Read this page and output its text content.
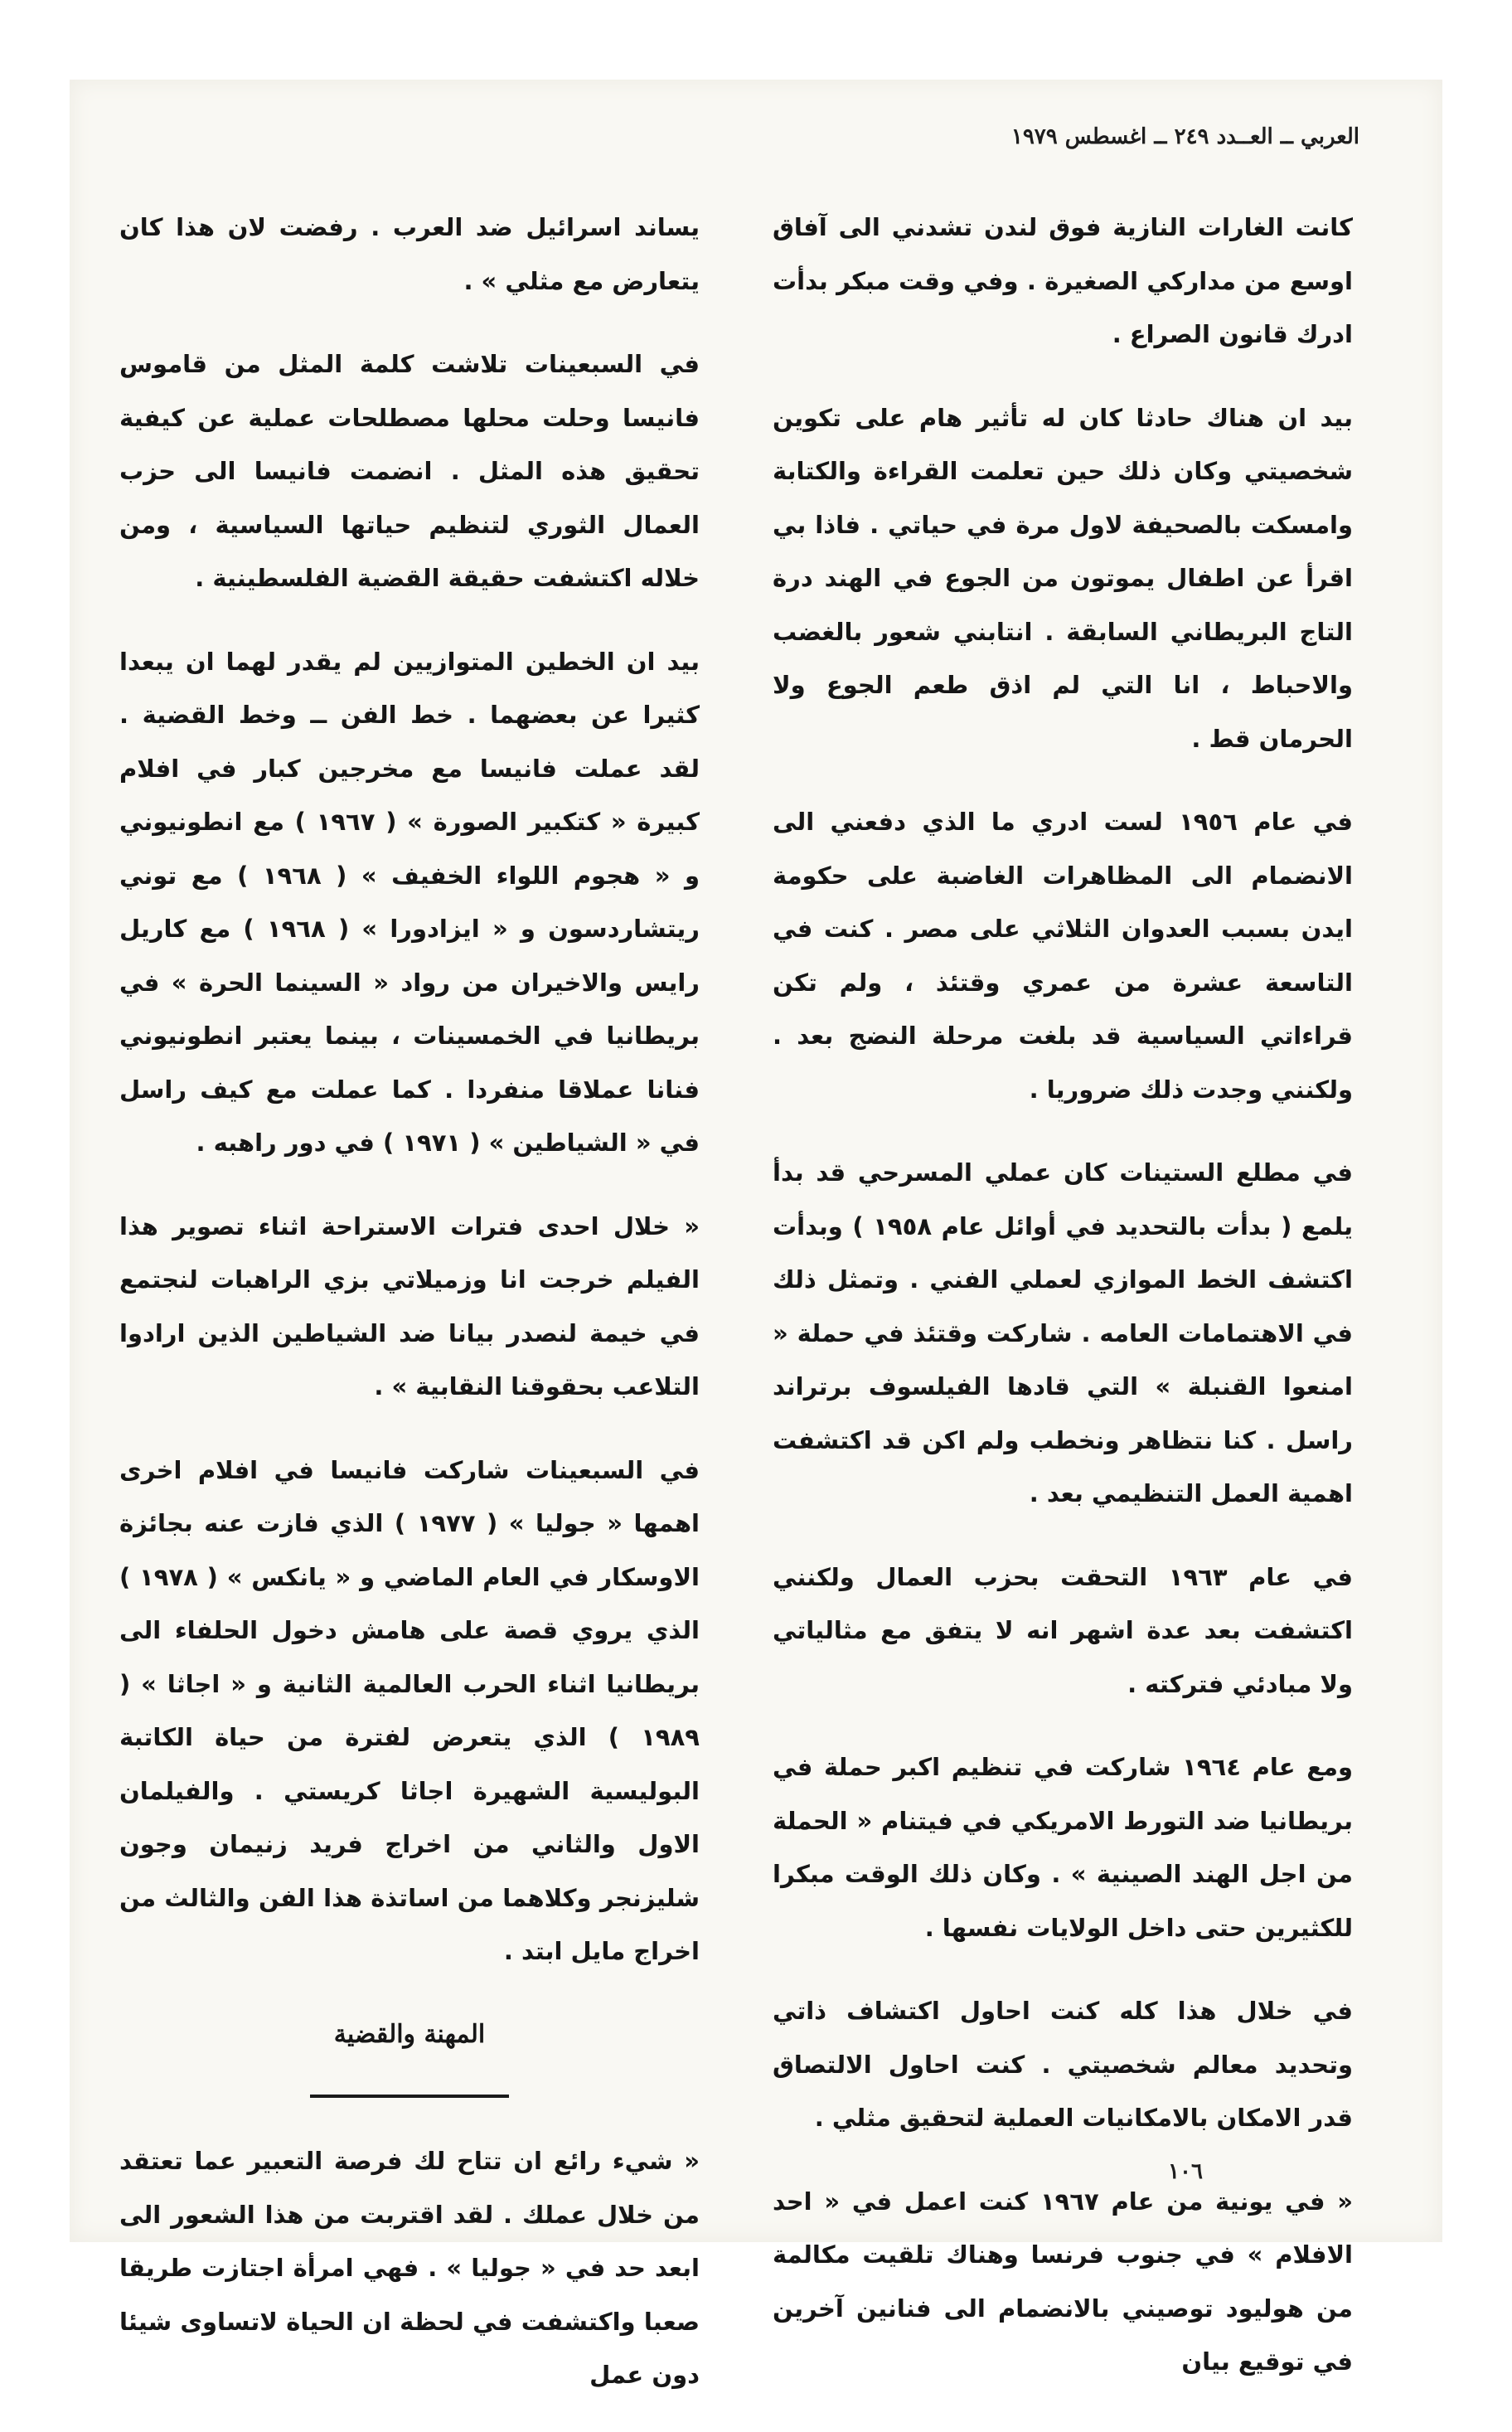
العربي ــ العــدد ٢٤٩ ــ اغسطس ١٩٧٩

كانت الغارات النازية فوق لندن تشدني الى آفاق اوسع من مداركي الصغيرة . وفي وقت مبكر بدأت ادرك قانون الصراع .

بيد ان هناك حادثا كان له تأثير هام على تكوين شخصيتي وكان ذلك حين تعلمت القراءة والكتابة وامسكت بالصحيفة لاول مرة في حياتي . فاذا بي اقرأ عن اطفال يموتون من الجوع في الهند درة التاج البريطاني السابقة . انتابني شعور بالغضب والاحباط ، انا التي لم اذق طعم الجوع ولا الحرمان قط .

في عام ١٩٥٦ لست ادري ما الذي دفعني الى الانضمام الى المظاهرات الغاضبة على حكومة ايدن بسبب العدوان الثلاثي على مصر . كنت في التاسعة عشرة من عمري وقتئذ ، ولم تكن قراءاتي السياسية قد بلغت مرحلة النضج بعد . ولكنني وجدت ذلك ضروريا .

في مطلع الستينات كان عملي المسرحي قد بدأ يلمع ( بدأت بالتحديد في أوائل عام ١٩٥٨ ) وبدأت اكتشف الخط الموازي لعملي الفني . وتمثل ذلك في الاهتمامات العامه . شاركت وقتئذ في حملة « امنعوا القنبلة » التي قادها الفيلسوف برتراند راسل . كنا نتظاهر ونخطب ولم اكن قد اكتشفت اهمية العمل التنظيمي بعد .

في عام ١٩٦٣ التحقت بحزب العمال ولكنني اكتشفت بعد عدة اشهر انه لا يتفق مع مثالياتي ولا مبادئي فتركته .

ومع عام ١٩٦٤ شاركت في تنظيم اكبر حملة في بريطانيا ضد التورط الامريكي في فيتنام « الحملة من اجل الهند الصينية » . وكان ذلك الوقت مبكرا للكثيرين حتى داخل الولايات نفسها .

في خلال هذا كله كنت احاول اكتشاف ذاتي وتحديد معالم شخصيتي . كنت احاول الالتصاق قدر الامكان بالامكانيات العملية لتحقيق مثلي .

« في يونية من عام ١٩٦٧ كنت اعمل في « احد الافلام » في جنوب فرنسا وهناك تلقيت مكالمة من هوليود توصيني بالانضمام الى فنانين آخرين في توقيع بيان

يساند اسرائيل ضد العرب . رفضت لان هذا كان يتعارض مع مثلي » .

في السبعينات تلاشت كلمة المثل من قاموس فانيسا وحلت محلها مصطلحات عملية عن كيفية تحقيق هذه المثل . انضمت فانيسا الى حزب العمال الثوري لتنظيم حياتها السياسية ، ومن خلاله اكتشفت حقيقة القضية الفلسطينية .

بيد ان الخطين المتوازيين لم يقدر لهما ان يبعدا كثيرا عن بعضهما . خط الفن ــ وخط القضية . لقد عملت فانيسا مع مخرجين كبار في افلام كبيرة « كتكبير الصورة » ( ١٩٦٧ ) مع انطونيوني و « هجوم اللواء الخفيف » ( ١٩٦٨ ) مع توني ريتشاردسون و « ايزادورا » ( ١٩٦٨ ) مع كاريل رايس والاخيران من رواد « السينما الحرة » في بريطانيا في الخمسينات ، بينما يعتبر انطونيوني فنانا عملاقا منفردا . كما عملت مع كيف راسل في « الشياطين » ( ١٩٧١ ) في دور راهبه .

« خلال احدى فترات الاستراحة اثناء تصوير هذا الفيلم خرجت انا وزميلاتي بزي الراهبات لنجتمع في خيمة لنصدر بيانا ضد الشياطين الذين ارادوا التلاعب بحقوقنا النقابية » .

في السبعينات شاركت فانيسا في افلام اخرى اهمها « جوليا » ( ١٩٧٧ ) الذي فازت عنه بجائزة الاوسكار في العام الماضي و « يانكس » ( ١٩٧٨ ) الذي يروي قصة على هامش دخول الحلفاء الى بريطانيا اثناء الحرب العالمية الثانية و « اجاثا » ( ١٩٨٩ ) الذي يتعرض لفترة من حياة الكاتبة البوليسية الشهيرة اجاثا كريستي . والفيلمان الاول والثاني من اخراج فريد زنيمان وجون شليزنجر وكلاهما من اساتذة هذا الفن والثالث من اخراج مايل ابتد .

المهنة والقضية

« شيء رائع ان تتاح لك فرصة التعبير عما تعتقد من خلال عملك . لقد اقتربت من هذا الشعور الى ابعد حد في « جوليا » . فهي امرأة اجتازت طريقا صعبا واكتشفت في لحظة ان الحياة لاتساوى شيئا دون عمل

١٠٦
